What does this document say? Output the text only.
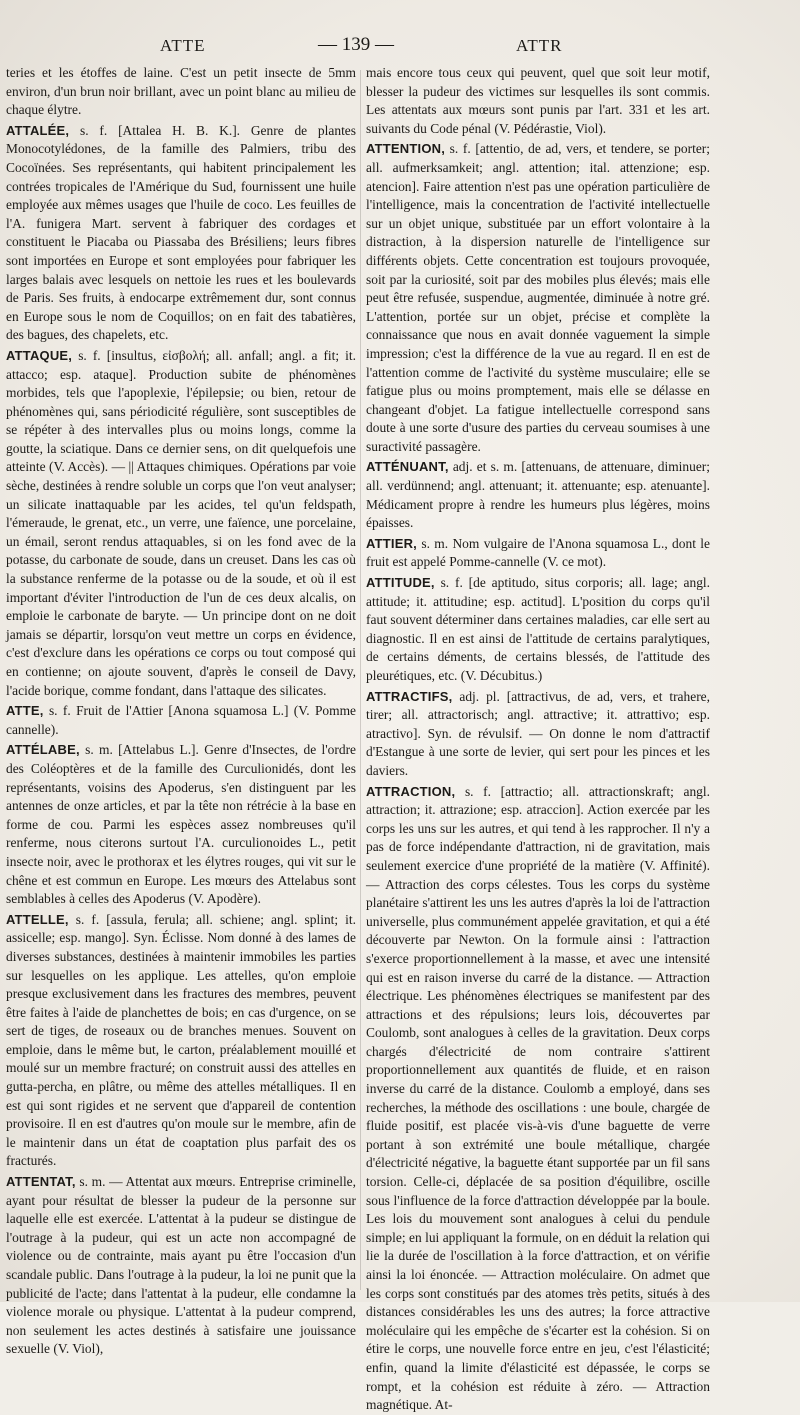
ATTE	— 139 —	ATTR

teries et les étoffes de laine. C'est un petit insecte de 5mm environ, d'un brun noir brillant, avec un point blanc au milieu de chaque élytre.

ATTALÉE, s. f. [Attalea H. B. K.]. Genre de plantes Monocotylédones, de la famille des Palmiers, tribu des Cocoïnées. Ses représentants, qui habitent principalement les contrées tropicales de l'Amérique du Sud, fournissent une huile employée aux mêmes usages que l'huile de coco. Les feuilles de l'A. funigera Mart. servent à fabriquer des cordages et constituent le Piacaba ou Piassaba des Brésiliens; leurs fibres sont importées en Europe et sont employées pour fabriquer les larges balais avec lesquels on nettoie les rues et les boulevards de Paris. Ses fruits, à endocarpe extrêmement dur, sont connus en Europe sous le nom de Coquillos; on en fait des tabatières, des bagues, des chapelets, etc.

ATTAQUE, s. f. [insultus, εἰσβολή; all. anfall; angl. a fit; it. attacco; esp. ataque]. Production subite de phénomènes morbides, tels que l'apoplexie, l'épilepsie; ou bien, retour de phénomènes qui, sans périodicité régulière, sont susceptibles de se répéter à des intervalles plus ou moins longs, comme la goutte, la sciatique. Dans ce dernier sens, on dit quelquefois une atteinte (V. Accès). — || Attaques chimiques. Opérations par voie sèche, destinées à rendre soluble un corps que l'on veut analyser; un silicate inattaquable par les acides, tel qu'un feldspath, l'émeraude, le grenat, etc., un verre, une faïence, une porcelaine, un émail, seront rendus attaquables, si on les fond avec de la potasse, du carbonate de soude, dans un creuset. Dans les cas où la substance renferme de la potasse ou de la soude, et où il est important d'éviter l'introduction de l'un de ces deux alcalis, on emploie le carbonate de baryte. — Un principe dont on ne doit jamais se départir, lorsqu'on veut mettre un corps en évidence, c'est d'exclure dans les opérations ce corps ou tout composé qui en contienne; on ajoute souvent, d'après le conseil de Davy, l'acide borique, comme fondant, dans l'attaque des silicates.

ATTE, s. f. Fruit de l'Attier [Anona squamosa L.] (V. Pomme cannelle).

ATTÉLABE, s. m. [Attelabus L.]. Genre d'Insectes, de l'ordre des Coléoptères et de la famille des Curculionidés, dont les représentants, voisins des Apoderus, s'en distinguent par les antennes de onze articles, et par la tête non rétrécie à la base en forme de cou. Parmi les espèces assez nombreuses qu'il renferme, nous citerons surtout l'A. curculionoides L., petit insecte noir, avec le prothorax et les élytres rouges, qui vit sur le chêne et est commun en Europe. Les mœurs des Attelabus sont semblables à celles des Apoderus (V. Apodère).

ATTELLE, s. f. [assula, ferula; all. schiene; angl. splint; it. assicelle; esp. mango]. Syn. Éclisse. Nom donné à des lames de diverses substances, destinées à maintenir immobiles les parties sur lesquelles on les applique. Les attelles, qu'on emploie presque exclusivement dans les fractures des membres, peuvent être faites à l'aide de planchettes de bois; en cas d'urgence, on se sert de tiges, de roseaux ou de branches menues. Souvent on emploie, dans le même but, le carton, préalablement mouillé et moulé sur un membre fracturé; on construit aussi des attelles en gutta-percha, en plâtre, ou même des attelles métalliques. Il en est qui sont rigides et ne servent que d'appareil de contention provisoire. Il en est d'autres qu'on moule sur le membre, afin de le maintenir dans un état de coaptation plus parfait des os fracturés.

ATTENTAT, s. m. — Attentat aux mœurs. Entreprise criminelle, ayant pour résultat de blesser la pudeur de la personne sur laquelle elle est exercée. L'attentat à la pudeur se distingue de l'outrage à la pudeur, qui est un acte non accompagné de violence ou de contrainte, mais ayant pu être l'occasion d'un scandale public. Dans l'outrage à la pudeur, la loi ne punit que la publicité de l'acte; dans l'attentat à la pudeur, elle condamne la violence morale ou physique. L'attentat à la pudeur comprend, non seulement les actes destinés à satisfaire une jouissance sexuelle (V. Viol),

mais encore tous ceux qui peuvent, quel que soit leur motif, blesser la pudeur des victimes sur lesquelles ils sont commis. Les attentats aux mœurs sont punis par l'art. 331 et les art. suivants du Code pénal (V. Pédérastie, Viol).

ATTENTION, s. f. [attentio, de ad, vers, et tendere, se porter; all. aufmerksamkeit; angl. attention; ital. attenzione; esp. atencion]. Faire attention n'est pas une opération particulière de l'intelligence, mais la concentration de l'activité intellectuelle sur un objet unique, substituée par un effort volontaire à la distraction, à la dispersion naturelle de l'intelligence sur différents objets. Cette concentration est toujours provoquée, soit par la curiosité, soit par des mobiles plus élevés; mais elle peut être refusée, suspendue, augmentée, diminuée à notre gré. L'attention, portée sur un objet, précise et complète la connaissance que nous en avait donnée vaguement la simple impression; c'est la différence de la vue au regard. Il en est de l'attention comme de l'activité du système musculaire; elle se fatigue plus ou moins promptement, mais elle se délasse en changeant d'objet. La fatigue intellectuelle correspond sans doute à une sorte d'usure des parties du cerveau soumises à une suractivité passagère.

ATTÉNUANT, adj. et s. m. [attenuans, de attenuare, diminuer; all. verdünnend; angl. attenuant; it. attenuante; esp. atenuante]. Médicament propre à rendre les humeurs plus légères, moins épaisses.

ATTIER, s. m. Nom vulgaire de l'Anona squamosa L., dont le fruit est appelé Pomme-cannelle (V. ce mot).

ATTITUDE, s. f. [de aptitudo, situs corporis; all. lage; angl. attitude; it. attitudine; esp. actitud]. L'position du corps qu'il faut souvent déterminer dans certaines maladies, car elle sert au diagnostic. Il en est ainsi de l'attitude de certains paralytiques, de certains déments, de certains blessés, de l'attitude des pleurétiques, etc. (V. Décubitus.)

ATTRACTIFS, adj. pl. [attractivus, de ad, vers, et trahere, tirer; all. attractorisch; angl. attractive; it. attrattivo; esp. atractivo]. Syn. de révulsif. — On donne le nom d'attractif d'Estangue à une sorte de levier, qui sert pour les pinces et les daviers.

ATTRACTION, s. f. [attractio; all. attractionskraft; angl. attraction; it. attrazione; esp. atraccion]. Action exercée par les corps les uns sur les autres, et qui tend à les rapprocher. Il n'y a pas de force indépendante d'attraction, ni de gravitation, mais seulement exercice d'une propriété de la matière (V. Affinité). — Attraction des corps célestes. Tous les corps du système planétaire s'attirent les uns les autres d'après la loi de l'attraction universelle, plus communément appelée gravitation, et qui a été découverte par Newton. On la formule ainsi : l'attraction s'exerce proportionnellement à la masse, et avec une intensité qui est en raison inverse du carré de la distance. — Attraction électrique. Les phénomènes électriques se manifestent par des attractions et des répulsions; leurs lois, découvertes par Coulomb, sont analogues à celles de la gravitation. Deux corps chargés d'électricité de nom contraire s'attirent proportionnellement aux quantités de fluide, et en raison inverse du carré de la distance. Coulomb a employé, dans ses recherches, la méthode des oscillations : une boule, chargée de fluide positif, est placée vis-à-vis d'une baguette de verre portant à son extrémité une boule métallique, chargée d'électricité négative, la baguette étant supportée par un fil sans torsion. Celle-ci, déplacée de sa position d'équilibre, oscille sous l'influence de la force d'attraction développée par la boule. Les lois du mouvement sont analogues à celui du pendule simple; en lui appliquant la formule, on en déduit la relation qui lie la durée de l'oscillation à la force d'attraction, et on vérifie ainsi la loi énoncée. — Attraction moléculaire. On admet que les corps sont constitués par des atomes très petits, situés à des distances considérables les uns des autres; la force attractive moléculaire qui les empêche de s'écarter est la cohésion. Si on étire le corps, une nouvelle force entre en jeu, c'est l'élasticité; enfin, quand la limite d'élasticité est dépassée, le corps se rompt, et la cohésion est réduite à zéro. — Attraction magnétique. At-
